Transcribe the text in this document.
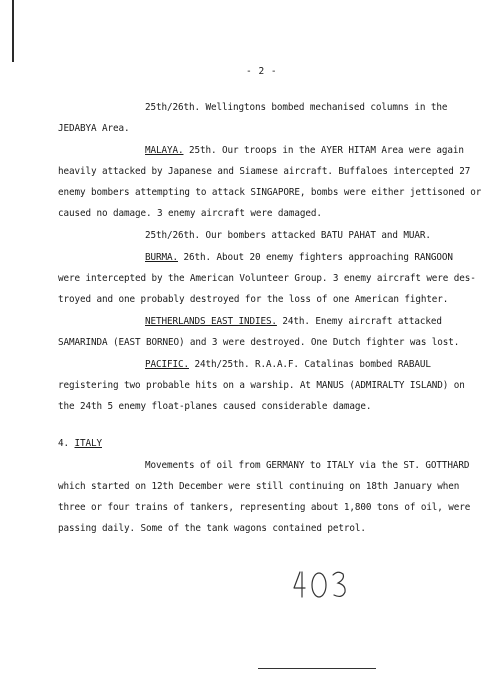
- 2 -
25th/26th. Wellingtons bombed mechanised columns in the
JEDABYA Area.
MALAYA. 25th. Our troops in the AYER HITAM Area were again
heavily attacked by Japanese and Siamese aircraft. Buffaloes intercepted 27
enemy bombers attempting to attack SINGAPORE, bombs were either jettisoned or
caused no damage. 3 enemy aircraft were damaged.
25th/26th. Our bombers attacked BATU PAHAT and MUAR.
BURMA. 26th. About 20 enemy fighters approaching RANGOON
were intercepted by the American Volunteer Group. 3 enemy aircraft were des-
troyed and one probably destroyed for the loss of one American fighter.
NETHERLANDS EAST INDIES. 24th. Enemy aircraft attacked
SAMARINDA (EAST BORNEO) and 3 were destroyed. One Dutch fighter was lost.
PACIFIC. 24th/25th. R.A.A.F. Catalinas bombed RABAUL
registering two probable hits on a warship. At MANUS (ADMIRALTY ISLAND) on
the 24th 5 enemy float-planes caused considerable damage.
4. ITALY
Movements of oil from GERMANY to ITALY via the ST. GOTTHARD
which started on 12th December were still continuing on 18th January when
three or four trains of tankers, representing about 1,800 tons of oil, were
passing daily. Some of the tank wagons contained petrol.
